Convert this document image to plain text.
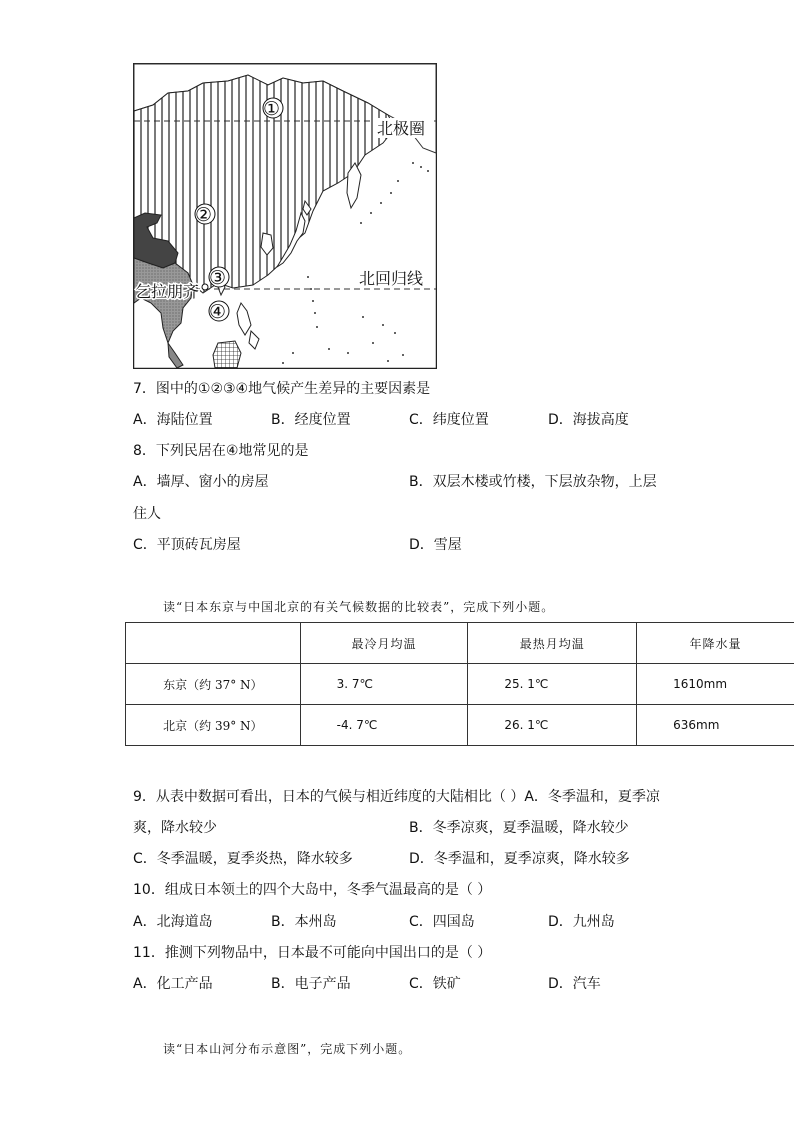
①
②
③
④
北极圈
北回归线
乞拉朋齐
7．图中的①②③④地气候产生差异的主要因素是
A．海陆位置	B．经度位置	C．纬度位置	D．海拔高度
8．下列民居在④地常见的是
A．墙厚、窗小的房屋	B．双层木楼或竹楼，下层放杂物，上层
住人
C．平顶砖瓦房屋	D．雪屋
读“日本东京与中国北京的有关气候数据的比较表”，完成下列小题。
	最冷月均温	最热月均温	年降水量
东京（约 37° N）	3. 7℃	25. 1℃	1610mm
北京（约 39° N）	-4. 7℃	26. 1℃	636mm
9．从表中数据可看出，日本的气候与相近纬度的大陆相比（ ）A．冬季温和，夏季凉
爽，降水较少	B．冬季凉爽，夏季温暖，降水较少
C．冬季温暖，夏季炎热，降水较多	D．冬季温和，夏季凉爽，降水较多
10．组成日本领土的四个大岛中，冬季气温最高的是（ ）
A．北海道岛	B．本州岛	C．四国岛	D．九州岛
11．推测下列物品中，日本最不可能向中国出口的是（ ）
A．化工产品	B．电子产品	C．铁矿	D．汽车
读“日本山河分布示意图”，完成下列小题。
